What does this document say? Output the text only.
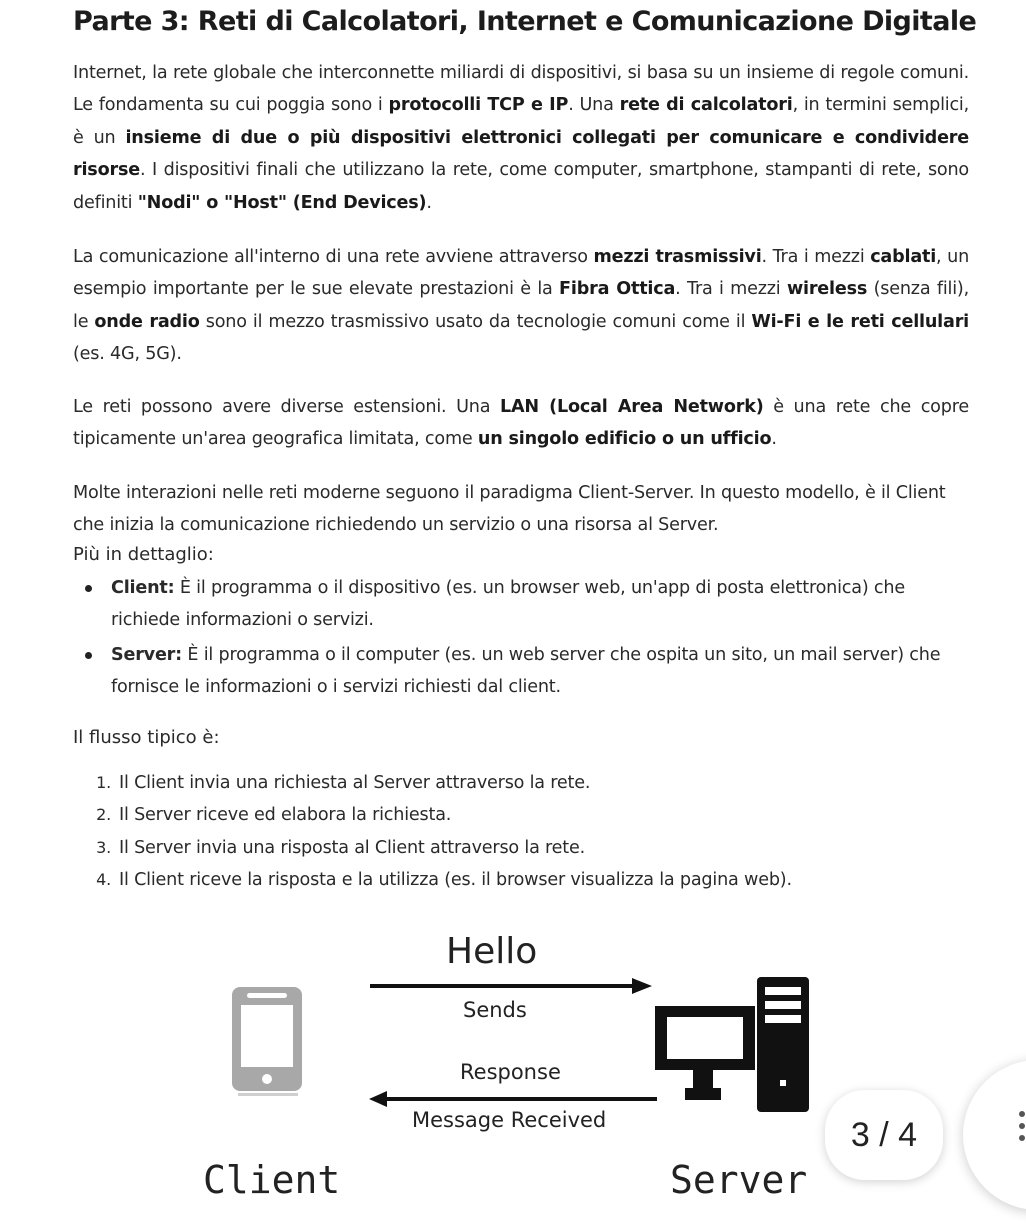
Parte 3: Reti di Calcolatori, Internet e Comunicazione Digitale

Internet, la rete globale che interconnette miliardi di dispositivi, si basa su un insieme di regole comuni. Le fondamenta su cui poggia sono i protocolli TCP e IP. Una rete di calcolatori, in termini semplici, è un insieme di due o più dispositivi elettronici collegati per comunicare e condividere risorse. I dispositivi finali che utilizzano la rete, come computer, smartphone, stampanti di rete, sono definiti "Nodi" o "Host" (End Devices).

La comunicazione all'interno di una rete avviene attraverso mezzi trasmissivi. Tra i mezzi cablati, un esempio importante per le sue elevate prestazioni è la Fibra Ottica. Tra i mezzi wireless (senza fili), le onde radio sono il mezzo trasmissivo usato da tecnologie comuni come il Wi-Fi e le reti cellulari (es. 4G, 5G).

Le reti possono avere diverse estensioni. Una LAN (Local Area Network) è una rete che copre tipicamente un'area geografica limitata, come un singolo edificio o un ufficio.

Molte interazioni nelle reti moderne seguono il paradigma Client-Server. In questo modello, è il Client che inizia la comunicazione richiedendo un servizio o una risorsa al Server.

Più in dettaglio:
Client: È il programma o il dispositivo (es. un browser web, un'app di posta elettronica) che richiede informazioni o servizi.
Server: È il programma o il computer (es. un web server che ospita un sito, un mail server) che fornisce le informazioni o i servizi richiesti dal client.
Il flusso tipico è:
1. Il Client invia una richiesta al Server attraverso la rete.
2. Il Server riceve ed elabora la richiesta.
3. Il Server invia una risposta al Client attraverso la rete.
4. Il Client riceve la risposta e la utilizza (es. il browser visualizza la pagina web).
Hello
Sends
Response
Message Received
Client	Server
3 / 4
